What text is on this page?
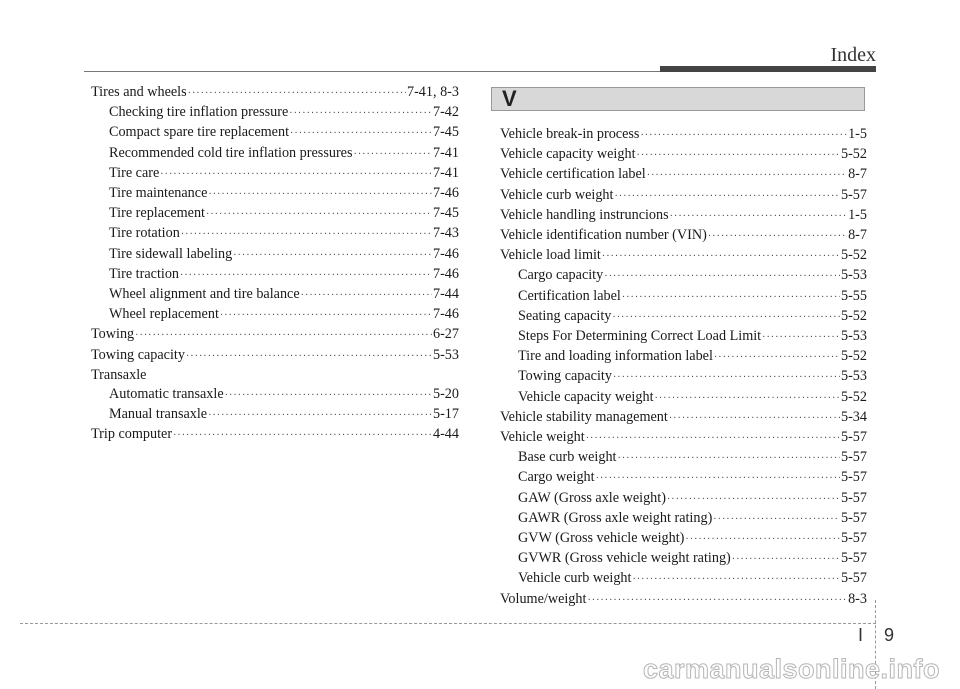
Index
Tires and wheels ·····	7-41, 8-3
Checking tire inflation pressure ·····	7-42
Compact spare tire replacement ·····	7-45
Recommended cold tire inflation pressures ·····	7-41
Tire care ·····	7-41
Tire maintenance ·····	7-46
Tire replacement ·····	7-45
Tire rotation ·····	7-43
Tire sidewall labeling ·····	7-46
Tire traction ·····	7-46
Wheel alignment and tire balance ·····	7-44
Wheel replacement ·····	7-46
Towing ·····	6-27
Towing capacity ·····	5-53
Transaxle
Automatic transaxle ·····	5-20
Manual transaxle ·····	5-17
Trip computer ·····	4-44
V
Vehicle break-in process ·····	1-5
Vehicle capacity weight ·····	5-52
Vehicle certification label ·····	8-7
Vehicle curb weight ·····	5-57
Vehicle handling instruncions ·····	1-5
Vehicle identification number (VIN) ·····	8-7
Vehicle load limit ·····	5-52
Cargo capacity ·····	5-53
Certification label ·····	5-55
Seating capacity ·····	5-52
Steps For Determining Correct Load Limit ·····	5-53
Tire and loading information label ·····	5-52
Towing capacity ·····	5-53
Vehicle capacity weight ·····	5-52
Vehicle stability management ·····	5-34
Vehicle weight ·····	5-57
Base curb weight ·····	5-57
Cargo weight ·····	5-57
GAW (Gross axle weight) ·····	5-57
GAWR (Gross axle weight rating) ·····	5-57
GVW (Gross vehicle weight) ·····	5-57
GVWR (Gross vehicle weight rating) ·····	5-57
Vehicle curb weight ·····	5-57
Volume/weight ·····	8-3
I 9
carmanualsonline.info
